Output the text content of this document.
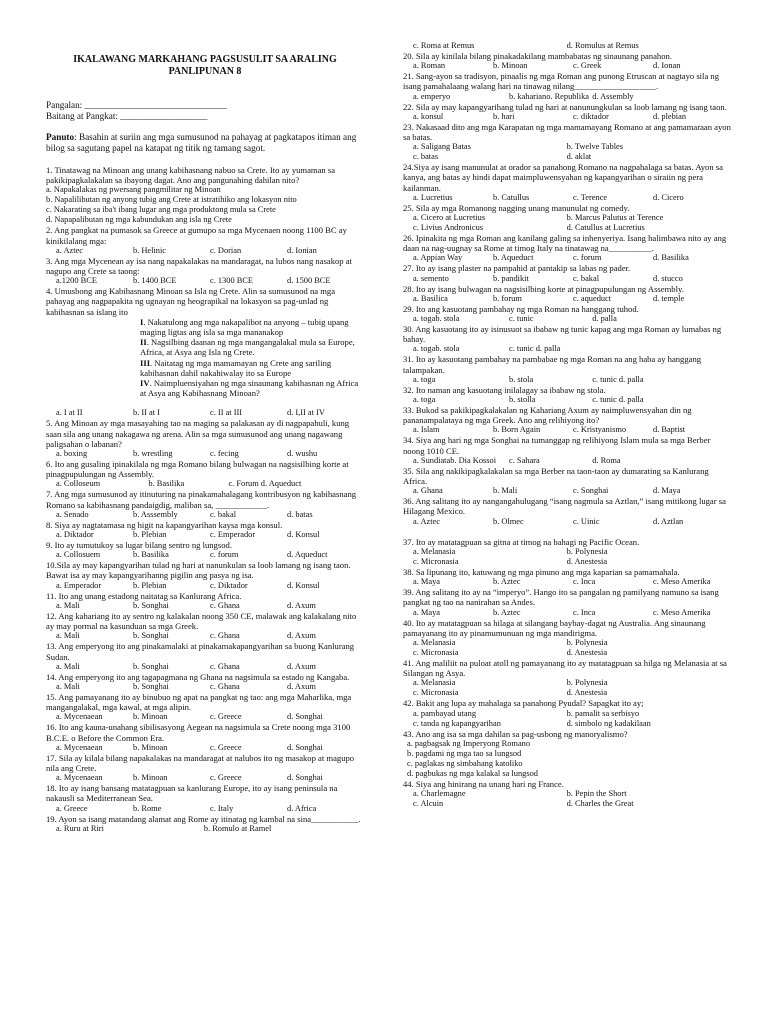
IKALAWANG MARKAHANG PAGSUSULIT SA ARALING
PANLIPUNAN 8
Pangalan: _______________________________
Baitang at Pangkat: ___________________
Panuto: Basahin at suriin ang mga sumusunod na pahayag at pagkatapos itiman ang bilog sa sagutang papel na katapat ng titik ng tamang sagot.
1. Tinatawag na Minoan ang unang kabihasnang nabuo sa Crete. Ito ay yumaman sa pakikipagkalakalan sa ibayong dagat. Ano ang pangunahing dahilan nito?
a. Napakalakas ng pwersang pangmilitar ng Minoan
b. Napalilibutan ng anyong tubig ang Crete at istratihiko ang lokasyon nito
c. Nakarating sa iba't ibang lugar ang mga produktong mula sa Crete
d. Napapalibutan ng mga kabundukan ang isla ng Crete
2. Ang pangkat na pumasok sa Greece at gumupo sa mga Mycenaen noong 1100 BC ay kinikilalang mga:
a. Aztec	b. Helinic	c. Dorian	d. Ionian
3. Ang mga Mycenean ay isa nang napakalakas na mandaragat, na lubos nang nasakop at nagupo ang Crete sa taong:
a.1200 BCE	b. 1400 BCE	c. 1300 BCE	d. 1500 BCE
4. Umusbong ang Kabihasnang Minoan sa Isla ng Crete. Alin sa sumusunod na mga pahayag ang nagpapakita ng ugnayan ng heograpikal na lokasyon sa pag-unlad ng kabihasnan sa islang ito
I. Nakatulong ang mga nakapalibot na anyong – tubig upang maging ligtas ang isla sa mga mananakop
II. Nagsilbing daanan ng mga mangangalakal mula sa Europe, Africa, at Asya ang Isla ng Crete.
III. Naitatag ng mga mamamayan ng Crete ang sariling kabihasnan dahil nakahiwalay ito sa Europe
IV. Naimpluensiyahan ng mga sinaunang kabihasnan ng Africa at Asya ang Kabihasnang Minoan?
a. I at II	b. II at I	c. II at III	d. I,II at IV
5. Ang Minoan ay mga masayahing tao na maging sa palakasan ay di nagpapahuli, kung saan sila ang unang nakagawa ng arena. Alin sa mga sumusunod ang unang nagawang paligsahan o labanan?
a. boxing	b. wrestling	c. fecing	d. wushu
6. Ito ang gusaling ipinakilala ng mga Romano bilang bulwagan na nagsisilbing korte at pinagpupulungan ng Assembly.
a. Colloseum	b. Basilika	c. Forum d. Aqueduct
7. Ang mga sumusunod ay itinuturing na pinakamahalagang kontribusyon ng kabihasnang Romano sa kabihasnang pandaigdig, maliban sa, ____________.
a. Senado	b. Asssembly	c. bakal	d. batas
8. Siya ay nagtatamasa ng higit na kapangyarihan kaysa mga konsul.
a. Diktador	b. Plebian	c. Emperador	d. Konsul
9. Ito ay tumutukoy sa lugar bilang sentro ng lungsod.
a. Collosuem	b. Basilika	c. forum	d. Aqueduct
10.Sila ay may kapangyarihan tulad ng hari at nanunkulan sa loob lamang ng isang taon. Bawat isa ay may kapangyarihanng pigilin ang pasya ng isa.
a. Emperador	b. Plebian	c. Diktador	d. Konsul
11. Ito ang unang estadong naitatag sa Kanlurang Africa.
a. Mali	b. Songhai	c. Ghana	d. Axum
12. Ang kahariang ito ay sentro ng kalakalan noong 350 CE, malawak ang kalakalang nito ay may pormal na kasunduan sa mga Greek.
a. Mali	b. Songhai	c. Ghana	d. Axum
13. Ang emperyong ito ang pinakamalaki at pinakamakapangyarihan sa buong Kanlurang Sudan.
a. Mali	b. Songhai	c. Ghana	d. Axum
14. Ang emperyong ito ang tagapagmana ng Ghana na nagsimula sa estado ng Kangaba.
a. Mali	b. Songhai	c. Ghana	d. Axum
15. Ang pamayanang ito ay binubuo ng apat na pangkat ng tao: ang mga Maharlika, mga mangangalakal, mga kawal, at mga alipin.
a. Mycenaean	b. Minoan	c. Greece	d. Songhai
16. Ito ang kauna-unahang sibilisasyong Aegean na nagsimula sa Crete noong mga 3100 B.C.E. o Before the Common Era.
a. Mycenaean	b. Minoan	c. Greece	d. Songhai
17. Sila ay kilala bilang napakalakas na mandaragat at nalubos ito ng masakop at magupo nila ang Crete.
a. Mycenaean	b. Minoan	c. Greece	d. Songhai
18. Ito ay isang bansang matatagpuan sa kanlurang Europe, ito ay isang peninsula na nakausli sa Mediterranean Sea.
a. Greece	b. Rome	c. Italy	d. Africa
19. Ayon sa isang matandang alamat ang Rome ay itinatag ng kambal na sina___________.
a. Ruru at Riri	b. Romulo at Ramel
c. Roma at Remus	d. Romulus at Remus
20. Sila ay kinilala bilang pinakadakilang mambabatas ng sinaunang panahon.
a. Roman	b. Minoan	c. Greek	d. Ionan
21. Sang-ayon sa tradisyon, pinaalis ng mga Roman ang punong Etruscan at nagtayo sila ng isang pamahalaang walang hari na tinawag nilang___________________.
a. emperyo	b. kahariano. Republika d. Assembly
22. Sila ay may kapangyarihang tulad ng hari at nanunungkulan sa loob lamang ng isang taon.
a. konsul	b. hari	c. diktador	d. plebian
23. Nakasaad dito ang mga Karapatan ng mga mamamayang Romano at ang pamamaraan ayon sa batas.
a. Saligang Batas	b. Twelve Tables
c. batas	d. aklat
24.Siya ay isang manunulat at orador sa panahong Romano na nagpahalaga sa batas. Ayon sa kanya, ang batas ay hindi dapat maimpluwensyahan ng kapangyarihan o siraiin ng pera kailanman.
a. Lucretius	b. Catullus	c. Terence	d. Cicero
25. Sila ay mga Romanong nagging unang manunulat ng comedy.
a. Cicero at Lucretius	b. Marcus Palutus at Terence
c. Livius Andronicus	d. Catullus at Lucretius
26. Ipinakita ng mga Roman ang kanilang galing sa inhenyeriya. Isang halimbawa nito ay ang daan na nag-uugnay sa Rome at timog Italy na tinatawag na__________.
a. Appian Way	b. Aqueduct	c. forum	d. Basilika
27. Ito ay isang plaster na pampahid at pantakip sa labas ng pader.
a. semento	b. pandikit	c. bakal	d. stucco
28. Ito ay isang bulwagan na nagsisilbing korte at pinagpupulungan ng Assembly.
a. Basilica	b. forum	c. aqueduct	d. temple
29. Ito ang kasuotang pambahay ng mga Roman na hanggang tuhod.
a. togab. stola	c. tunic	d. palla
30. Ang kasuotang ito ay isinusuot sa ibabaw ng tunic kapag ang mga Roman ay lumabas ng bahay.
a. togab. stola	c. tunic d. palla
31. Ito ay kasuotang pambahay na pambabae ng mga Roman na ang haba ay hanggang talampakan.
a. toga	b. stola	c. tunic d. palla
32. Ito naman ang kasuotang inilalagay sa ibabaw ng stola.
a. toga	b. stolla	c. tunic d. palla
33. Bukod sa pakikipagkalakalan ng Kahariang Axum ay naimpluwensyahan din ng pananampalataya ng mga Greek. Ano ang relihiyong ito?
a. Islam	b. Born Again	c. Kristyanismo	d. Baptist
34. Siya ang hari ng mga Songhai na tumanggap ng relihiyong Islam mula sa mga Berber noong 1010 CE.
a. Sundiatab. Dia Kossoi	c. Sahara	d. Roma
35. Sila ang nakikipagkalakalan sa mga Berber na taon-taon ay dumarating sa Kanlurang Africa.
a. Ghana	b. Mali	c. Songhai	d. Maya
36. Ang salitang ito ay nangangahulugang “isang nagmula sa Aztlan,” isang mitikong lugar sa Hilagang Mexico.
a. Aztec	b. Olmec	c. Uinic	d. Aztlan
37. Ito ay matatagpuan sa gitna at timog na bahagi ng Pacific Ocean.
a. Melanasia	b. Polynesia
c. Micronasia	d. Anestesia
38. Sa lipunang ito, katuwang ng mga pinuno ang mga kaparian sa pamamahala.
a. Maya	b. Aztec	c. Inca	c. Meso Amerika
39. Ang salitang ito ay na “imperyo”. Hango ito sa pangalan ng pamilyang namuno sa isang pangkat ng tao na nanirahan sa Andes.
a. Maya	b. Aztec	c. Inca	c. Meso Amerika
40. Ito ay matatagpuan sa hilaga at silangang baybay-dagat ng Australia. Ang sinaunang pamayanang ito ay pinamumunuan ng mga mandirigma.
a. Melanasia	b. Polynesia
c. Micronasia	d. Anestesia
41. Ang maliliit na puloat atoll ng pamayanang ito ay matatagpuan sa hilga ng Melanasia at sa Silangan ng Asya.
a. Melanasia	b. Polynesia
c. Micronasia	d. Anestesia
42. Bakit ang lupa ay mahalaga sa panahong Pyudal? Sapagkat ito ay;
a. pambayad utang	b. pamalit sa serbisyo
c. tanda ng kapangyarihan	d. simbolo ng kadakilaan
43. Ano ang isa sa mga dahilan sa pag-usbong ng manoryalismo?
a. pagbagsak ng Imperyong Romano
b. pagdami ng mga tao sa lungsod
c. paglakas ng simbahang katoliko
d. pagbukas ng mga kalakal sa lungsod
44. Siya ang hinirang na unang hari ng France.
a. Charlemagne	b. Pepin the Short
c. Alcuin	d. Charles the Great
